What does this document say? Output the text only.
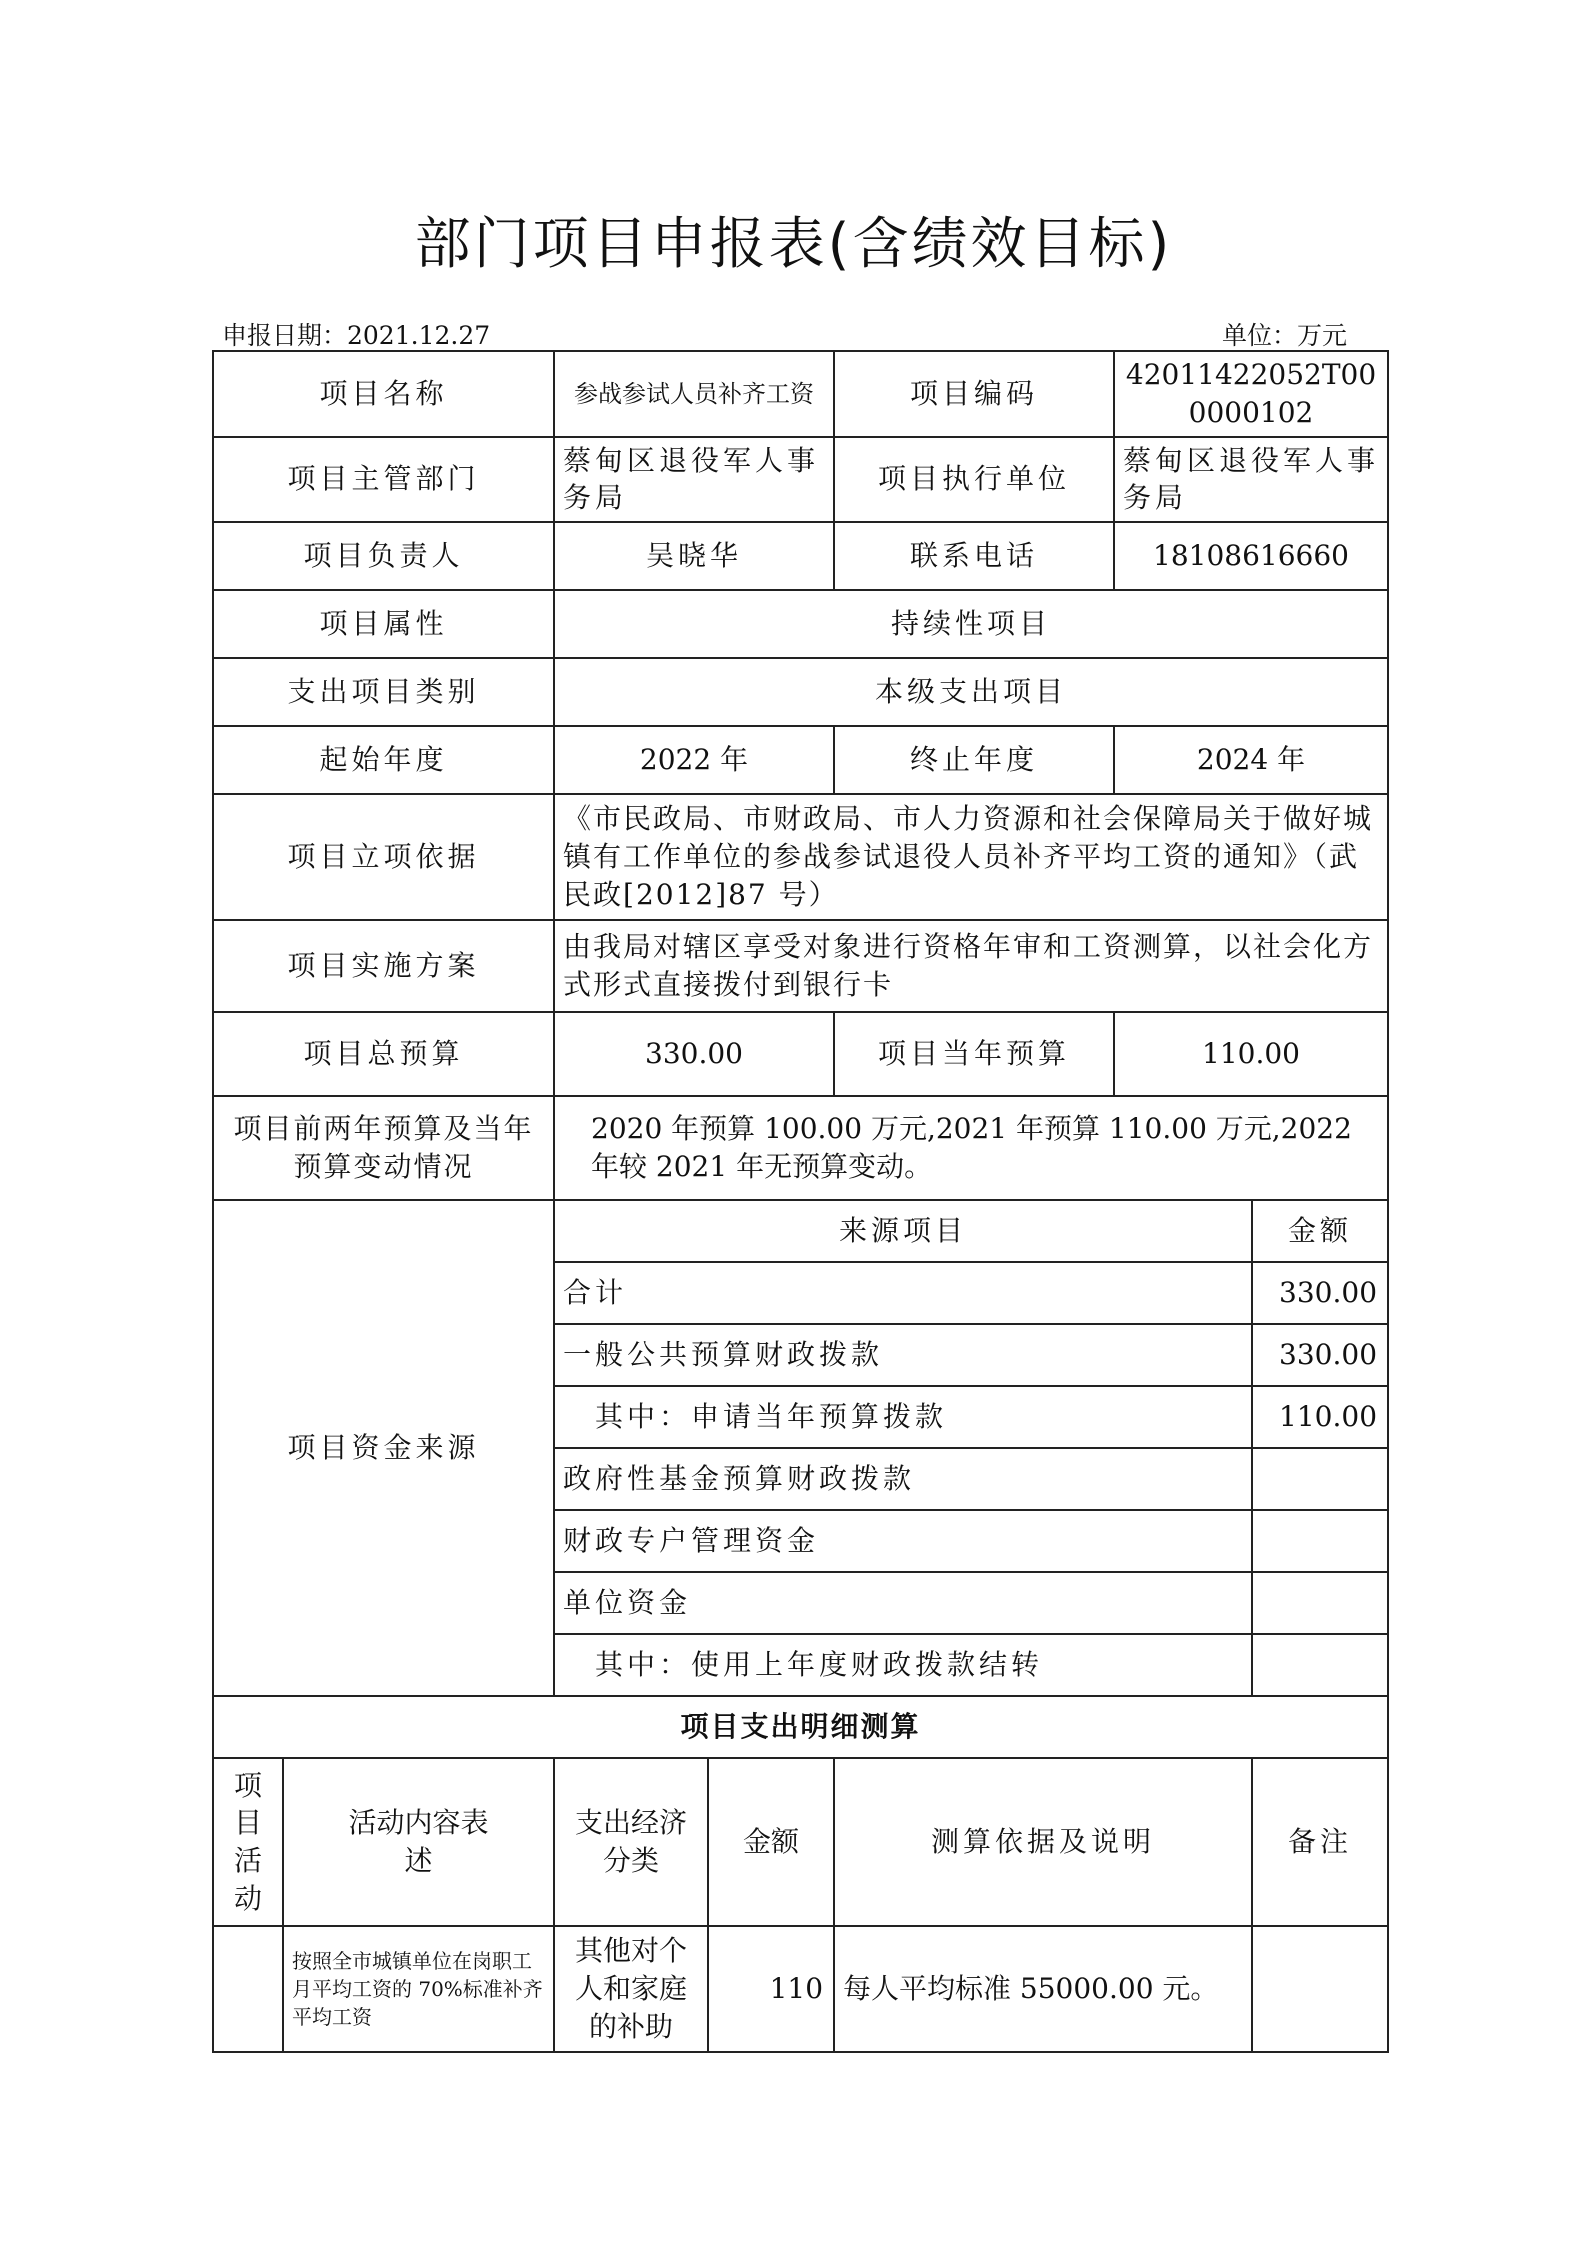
部门项目申报表(含绩效目标)
申报日期：2021.12.27	单位：万元
项目名称		参战参试人员补齐工资		项目编码	42011422052T000000102	
项目主管部门		蔡甸区退役军人事务局		项目执行单位	蔡甸区退役军人事务局	
项目负责人		吴晓华		联系电话	18108616660	
项目属性		持续性项目				
支出项目类别		本级支出项目				
起始年度		2022 年		终止年度	2024 年	
项目立项依据		《市民政局、市财政局、市人力资源和社会保障局关于做好城镇有工作单位的参战参试退役人员补齐平均工资的通知》（武民政[2012]87 号）				
项目实施方案		由我局对辖区享受对象进行资格年审和工资测算，以社会化方式形式直接拨付到银行卡				
项目总预算		330.00		项目当年预算	110.00	
项目前两年预算及当年预算变动情况		2020 年预算 100.00 万元,2021 年预算 110.00 万元,2022 年较 2021 年无预算变动。				
项目资金来源		来源项目				金额
		合计				330.00
		一般公共预算财政拨款				330.00
		　其中：申请当年预算拨款				110.00
		政府性基金预算财政拨款				
		财政专户管理资金				
		单位资金				
		　其中：使用上年度财政拨款结转				
项目支出明细测算						
项目活动	活动内容表述	支出经济分类	金额	测算依据及说明		备注
	按照全市城镇单位在岗职工月平均工资的 70%标准补齐平均工资	其他对个人和家庭的补助	110	每人平均标准 55000.00 元。		
